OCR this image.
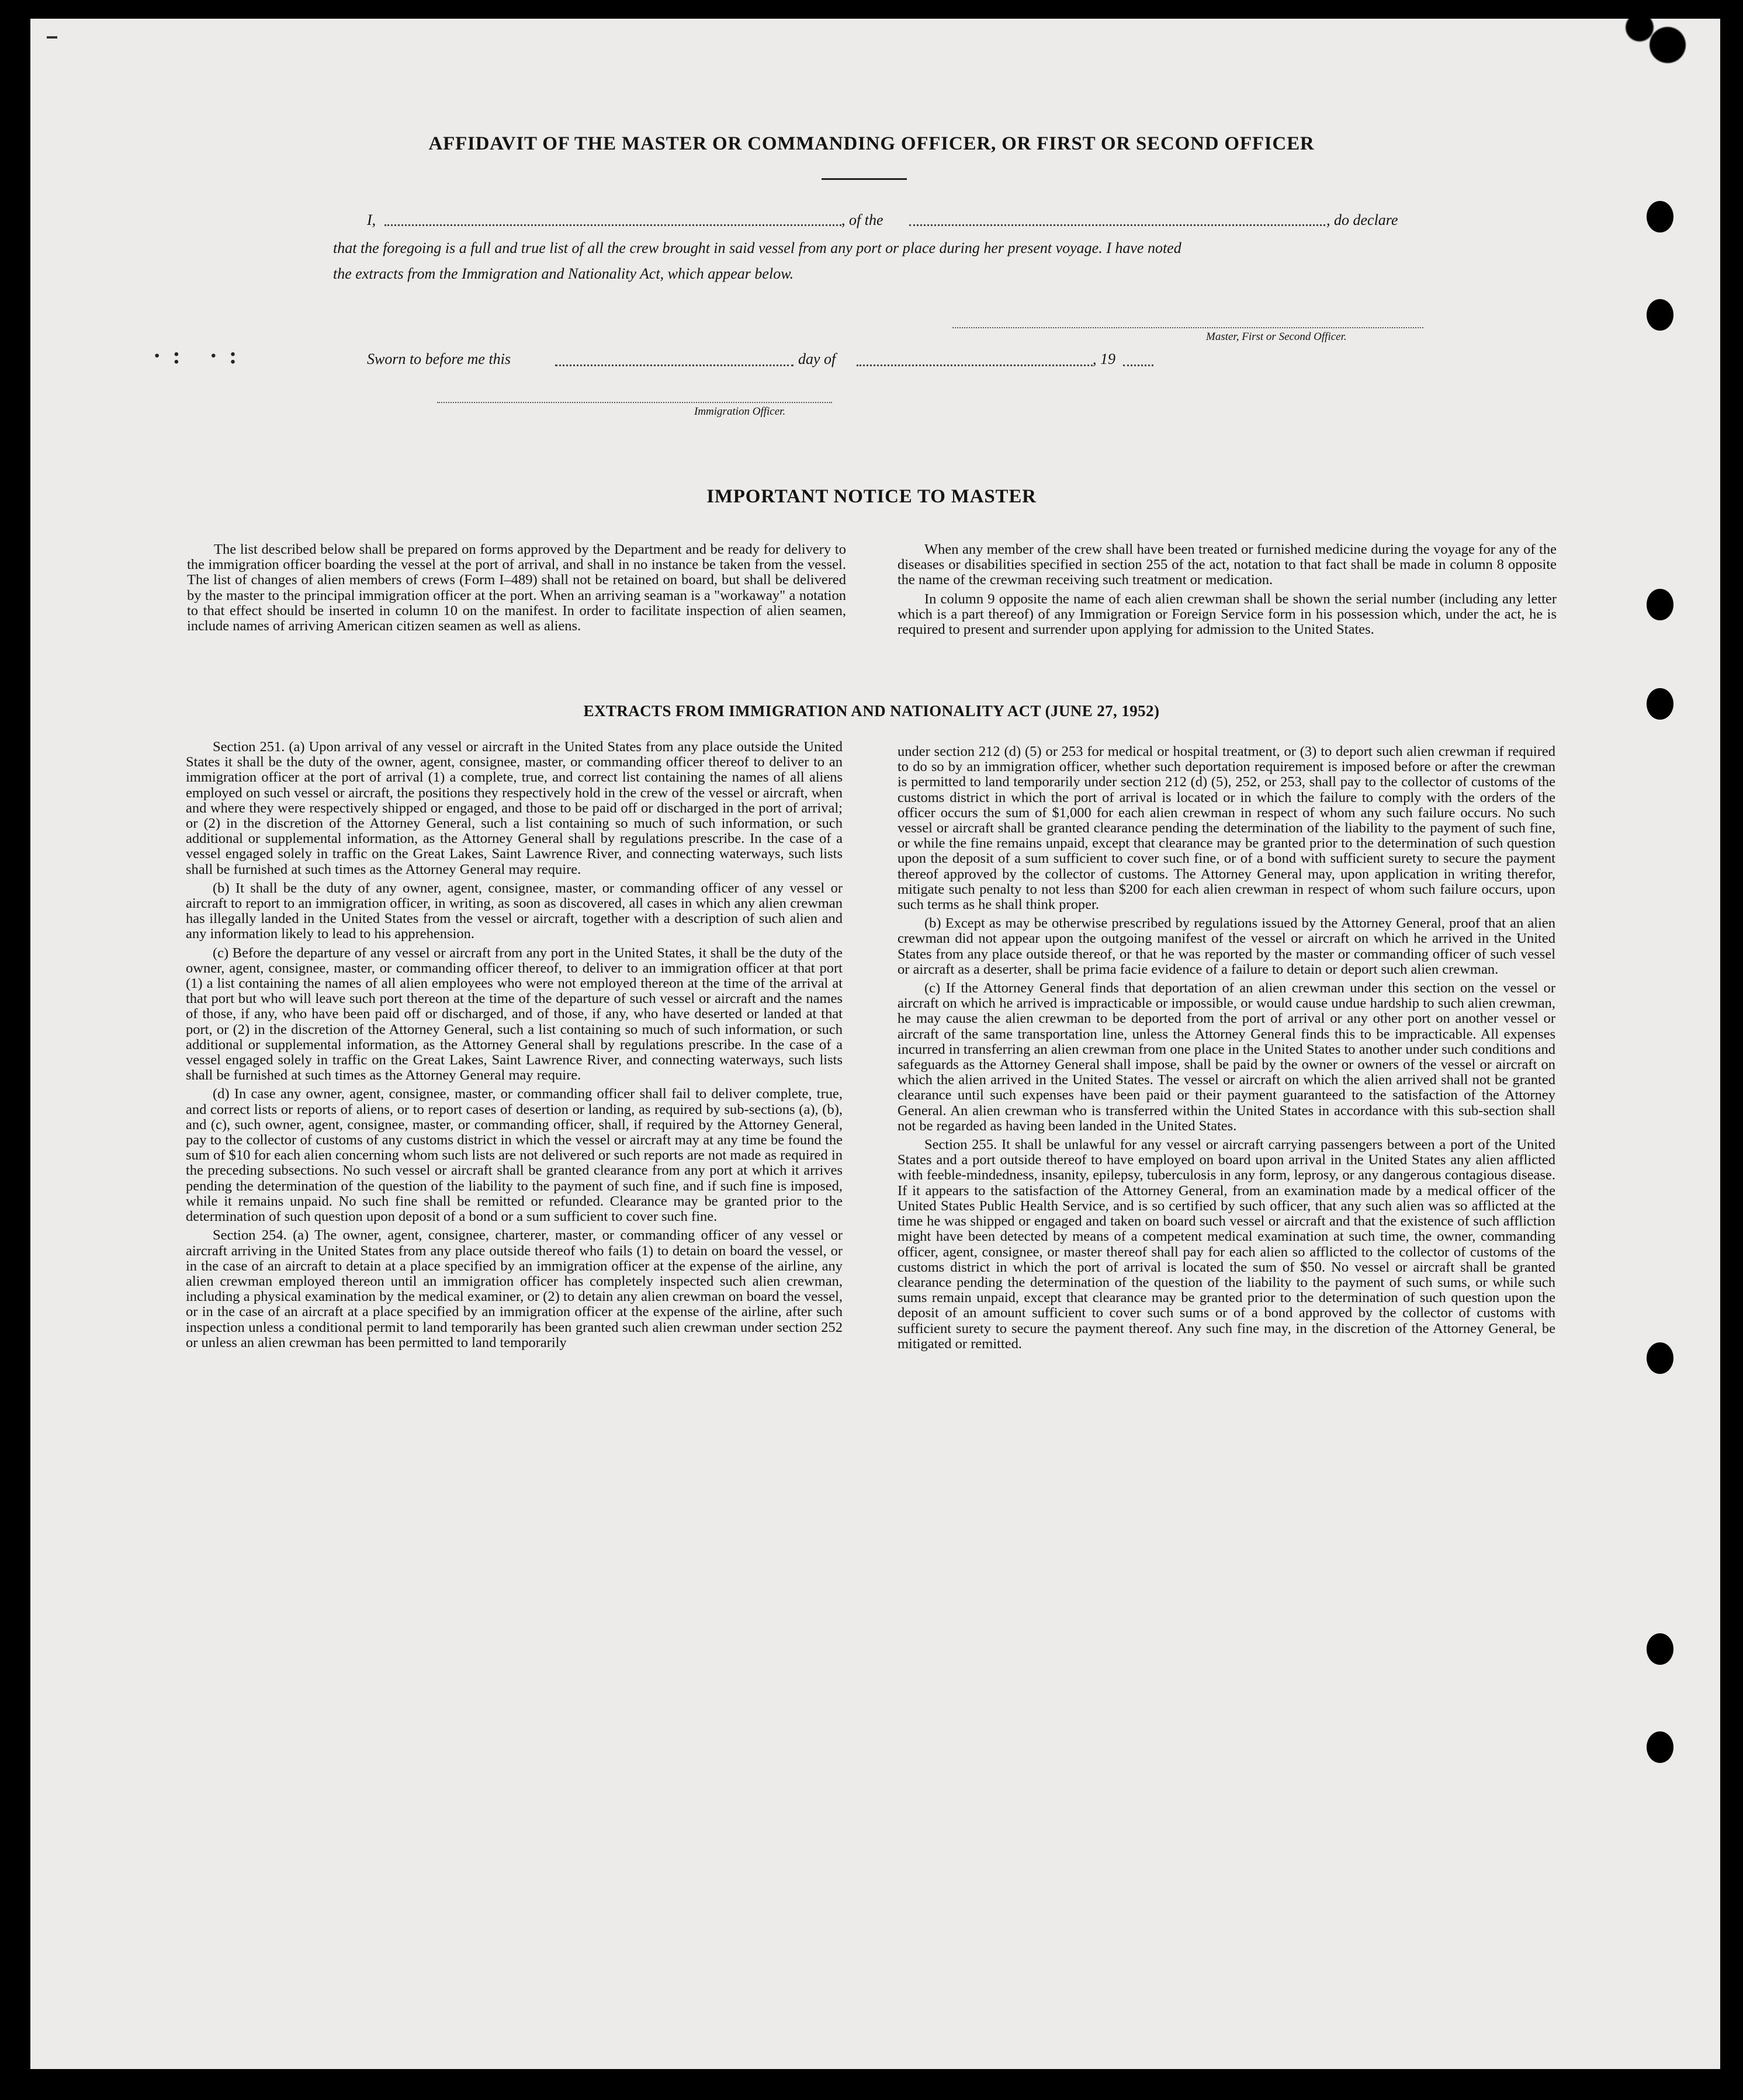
·: ·:
AFFIDAVIT OF THE MASTER OR COMMANDING OFFICER, OR FIRST OR SECOND OFFICER
I,	, of the	, do declare
that the foregoing is a full and true list of all the crew brought in said vessel from any port or place during her present voyage. I have noted
the extracts from the Immigration and Nationality Act, which appear below.
Master, First or Second Officer.
Sworn to before me this	day of	, 19
Immigration Officer.
IMPORTANT NOTICE TO MASTER

The list described below shall be prepared on forms approved by the Department and be ready for delivery to the immigration officer boarding the vessel at the port of arrival, and shall in no instance be taken from the vessel. The list of changes of alien members of crews (Form I–489) shall not be retained on board, but shall be delivered by the master to the principal immigration officer at the port. When an arriving seaman is a "workaway" a notation to that effect should be inserted in column 10 on the manifest. In order to facilitate inspection of alien seamen, include names of arriving American citizen seamen as well as aliens.

When any member of the crew shall have been treated or furnished medicine during the voyage for any of the diseases or disabilities specified in section 255 of the act, notation to that fact shall be made in column 8 opposite the name of the crewman receiving such treatment or medication.

In column 9 opposite the name of each alien crewman shall be shown the serial number (including any letter which is a part thereof) of any Immigration or Foreign Service form in his possession which, under the act, he is required to present and surrender upon applying for admission to the United States.

EXTRACTS FROM IMMIGRATION AND NATIONALITY ACT (JUNE 27, 1952)

Section 251. (a) Upon arrival of any vessel or aircraft in the United States from any place outside the United States it shall be the duty of the owner, agent, consignee, master, or commanding officer thereof to deliver to an immigration officer at the port of arrival (1) a complete, true, and correct list containing the names of all aliens employed on such vessel or aircraft, the positions they respectively hold in the crew of the vessel or aircraft, when and where they were respectively shipped or engaged, and those to be paid off or discharged in the port of arrival; or (2) in the discretion of the Attorney General, such a list containing so much of such information, or such additional or supplemental information, as the Attorney General shall by regulations prescribe. In the case of a vessel engaged solely in traffic on the Great Lakes, Saint Lawrence River, and connecting waterways, such lists shall be furnished at such times as the Attorney General may require.

(b) It shall be the duty of any owner, agent, consignee, master, or commanding officer of any vessel or aircraft to report to an immigration officer, in writing, as soon as discovered, all cases in which any alien crewman has illegally landed in the United States from the vessel or aircraft, together with a description of such alien and any information likely to lead to his apprehension.

(c) Before the departure of any vessel or aircraft from any port in the United States, it shall be the duty of the owner, agent, consignee, master, or commanding officer thereof, to deliver to an immigration officer at that port (1) a list containing the names of all alien employees who were not employed thereon at the time of the arrival at that port but who will leave such port thereon at the time of the departure of such vessel or aircraft and the names of those, if any, who have been paid off or discharged, and of those, if any, who have deserted or landed at that port, or (2) in the discretion of the Attorney General, such a list containing so much of such information, or such additional or supplemental information, as the Attorney General shall by regulations prescribe. In the case of a vessel engaged solely in traffic on the Great Lakes, Saint Lawrence River, and connecting waterways, such lists shall be furnished at such times as the Attorney General may require.

(d) In case any owner, agent, consignee, master, or commanding officer shall fail to deliver complete, true, and correct lists or reports of aliens, or to report cases of desertion or landing, as required by sub-sections (a), (b), and (c), such owner, agent, consignee, master, or commanding officer, shall, if required by the Attorney General, pay to the collector of customs of any customs district in which the vessel or aircraft may at any time be found the sum of $10 for each alien concerning whom such lists are not delivered or such reports are not made as required in the preceding subsections. No such vessel or aircraft shall be granted clearance from any port at which it arrives pending the determination of the question of the liability to the payment of such fine, and if such fine is imposed, while it remains unpaid. No such fine shall be remitted or refunded. Clearance may be granted prior to the determination of such question upon deposit of a bond or a sum sufficient to cover such fine.

Section 254. (a) The owner, agent, consignee, charterer, master, or commanding officer of any vessel or aircraft arriving in the United States from any place outside thereof who fails (1) to detain on board the vessel, or in the case of an aircraft to detain at a place specified by an immigration officer at the expense of the airline, any alien crewman employed thereon until an immigration officer has completely inspected such alien crewman, including a physical examination by the medical examiner, or (2) to detain any alien crewman on board the vessel, or in the case of an aircraft at a place specified by an immigration officer at the expense of the airline, after such inspection unless a conditional permit to land temporarily has been granted such alien crewman under section 252 or unless an alien crewman has been permitted to land temporarily

under section 212 (d) (5) or 253 for medical or hospital treatment, or (3) to deport such alien crewman if required to do so by an immigration officer, whether such deportation requirement is imposed before or after the crewman is permitted to land temporarily under section 212 (d) (5), 252, or 253, shall pay to the collector of customs of the customs district in which the port of arrival is located or in which the failure to comply with the orders of the officer occurs the sum of $1,000 for each alien crewman in respect of whom any such failure occurs. No such vessel or aircraft shall be granted clearance pending the determination of the liability to the payment of such fine, or while the fine remains unpaid, except that clearance may be granted prior to the determination of such question upon the deposit of a sum sufficient to cover such fine, or of a bond with sufficient surety to secure the payment thereof approved by the collector of customs. The Attorney General may, upon application in writing therefor, mitigate such penalty to not less than $200 for each alien crewman in respect of whom such failure occurs, upon such terms as he shall think proper.

(b) Except as may be otherwise prescribed by regulations issued by the Attorney General, proof that an alien crewman did not appear upon the outgoing manifest of the vessel or aircraft on which he arrived in the United States from any place outside thereof, or that he was reported by the master or commanding officer of such vessel or aircraft as a deserter, shall be prima facie evidence of a failure to detain or deport such alien crewman.

(c) If the Attorney General finds that deportation of an alien crewman under this section on the vessel or aircraft on which he arrived is impracticable or impossible, or would cause undue hardship to such alien crewman, he may cause the alien crewman to be deported from the port of arrival or any other port on another vessel or aircraft of the same transportation line, unless the Attorney General finds this to be impracticable. All expenses incurred in transferring an alien crewman from one place in the United States to another under such conditions and safeguards as the Attorney General shall impose, shall be paid by the owner or owners of the vessel or aircraft on which the alien arrived in the United States. The vessel or aircraft on which the alien arrived shall not be granted clearance until such expenses have been paid or their payment guaranteed to the satisfaction of the Attorney General. An alien crewman who is transferred within the United States in accordance with this sub-section shall not be regarded as having been landed in the United States.

Section 255. It shall be unlawful for any vessel or aircraft carrying passengers between a port of the United States and a port outside thereof to have employed on board upon arrival in the United States any alien afflicted with feeble-mindedness, insanity, epilepsy, tuberculosis in any form, leprosy, or any dangerous contagious disease. If it appears to the satisfaction of the Attorney General, from an examination made by a medical officer of the United States Public Health Service, and is so certified by such officer, that any such alien was so afflicted at the time he was shipped or engaged and taken on board such vessel or aircraft and that the existence of such affliction might have been detected by means of a competent medical examination at such time, the owner, commanding officer, agent, consignee, or master thereof shall pay for each alien so afflicted to the collector of customs of the customs district in which the port of arrival is located the sum of $50. No vessel or aircraft shall be granted clearance pending the determination of the question of the liability to the payment of such sums, or while such sums remain unpaid, except that clearance may be granted prior to the determination of such question upon the deposit of an amount sufficient to cover such sums or of a bond approved by the collector of customs with sufficient surety to secure the payment thereof. Any such fine may, in the discretion of the Attorney General, be mitigated or remitted.
